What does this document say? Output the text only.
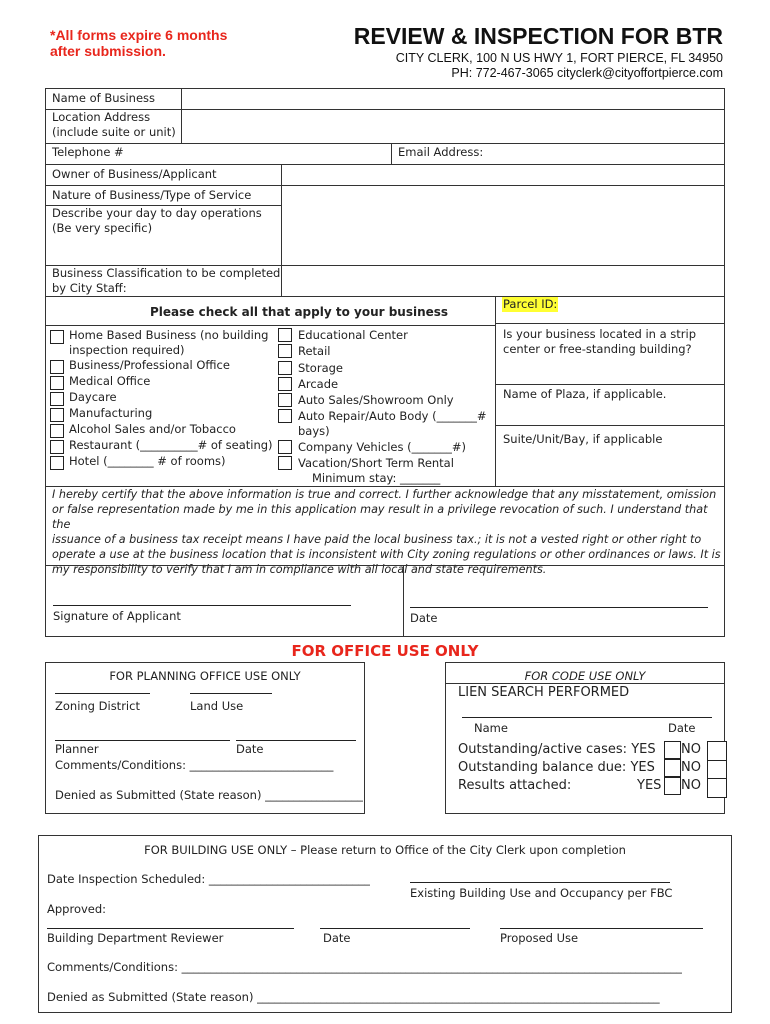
*All forms expire 6 months
after submission.
REVIEW & INSPECTION FOR BTR
CITY CLERK, 100 N US HWY 1, FORT PIERCE, FL 34950
PH: 772-467-3065 cityclerk@cityoffortpierce.com
Name of Business
Location Address
(include suite or unit)
Telephone #	Email Address:
Owner of Business/Applicant
Nature of Business/Type of Service
Describe your day to day operations
(Be very specific)
Business Classification to be completed
by City Staff:
Please check all that apply to your business
Parcel ID:
Is your business located in a strip
center or free-standing building?
Name of Plaza, if applicable.
Suite/Unit/Bay, if applicable
Home Based Business (no building
inspection required)
Business/Professional Office
Medical Office
Daycare
Manufacturing
Alcohol Sales and/or Tobacco
Restaurant (__________# of seating)
Hotel (________ # of rooms)
Educational Center
Retail
Storage
Arcade
Auto Sales/Showroom Only
Auto Repair/Auto Body (_______#
bays)
Company Vehicles (_______#)
Vacation/Short Term Rental
Minimum stay: _______
I hereby certify that the above information is true and correct. I further acknowledge that any misstatement, omission
or false representation made by me in this application may result in a privilege revocation of such. I understand that the
issuance of a business tax receipt means I have paid the local business tax.; it is not a vested right or other right to
operate a use at the business location that is inconsistent with City zoning regulations or other ordinances or laws. It is
my responsibility to verify that I am in compliance with all local and state requirements.
Signature of Applicant	Date
FOR OFFICE USE ONLY
FOR PLANNING OFFICE USE ONLY
Zoning District	Land Use
Planner	Date
Comments/Conditions: _________________________
Denied as Submitted (State reason) _________________
FOR CODE USE ONLY
LIEN SEARCH PERFORMED
Name	Date
Outstanding/active cases: YES NO
Outstanding balance due: YES NO
Results attached:	YES NO
FOR BUILDING USE ONLY – Please return to Office of the City Clerk upon completion
Date Inspection Scheduled: ____________________________
Existing Building Use and Occupancy per FBC
Approved:
Building Department Reviewer	Date	Proposed Use
Comments/Conditions: _______________________________________________________________________________________
Denied as Submitted (State reason) ______________________________________________________________________
